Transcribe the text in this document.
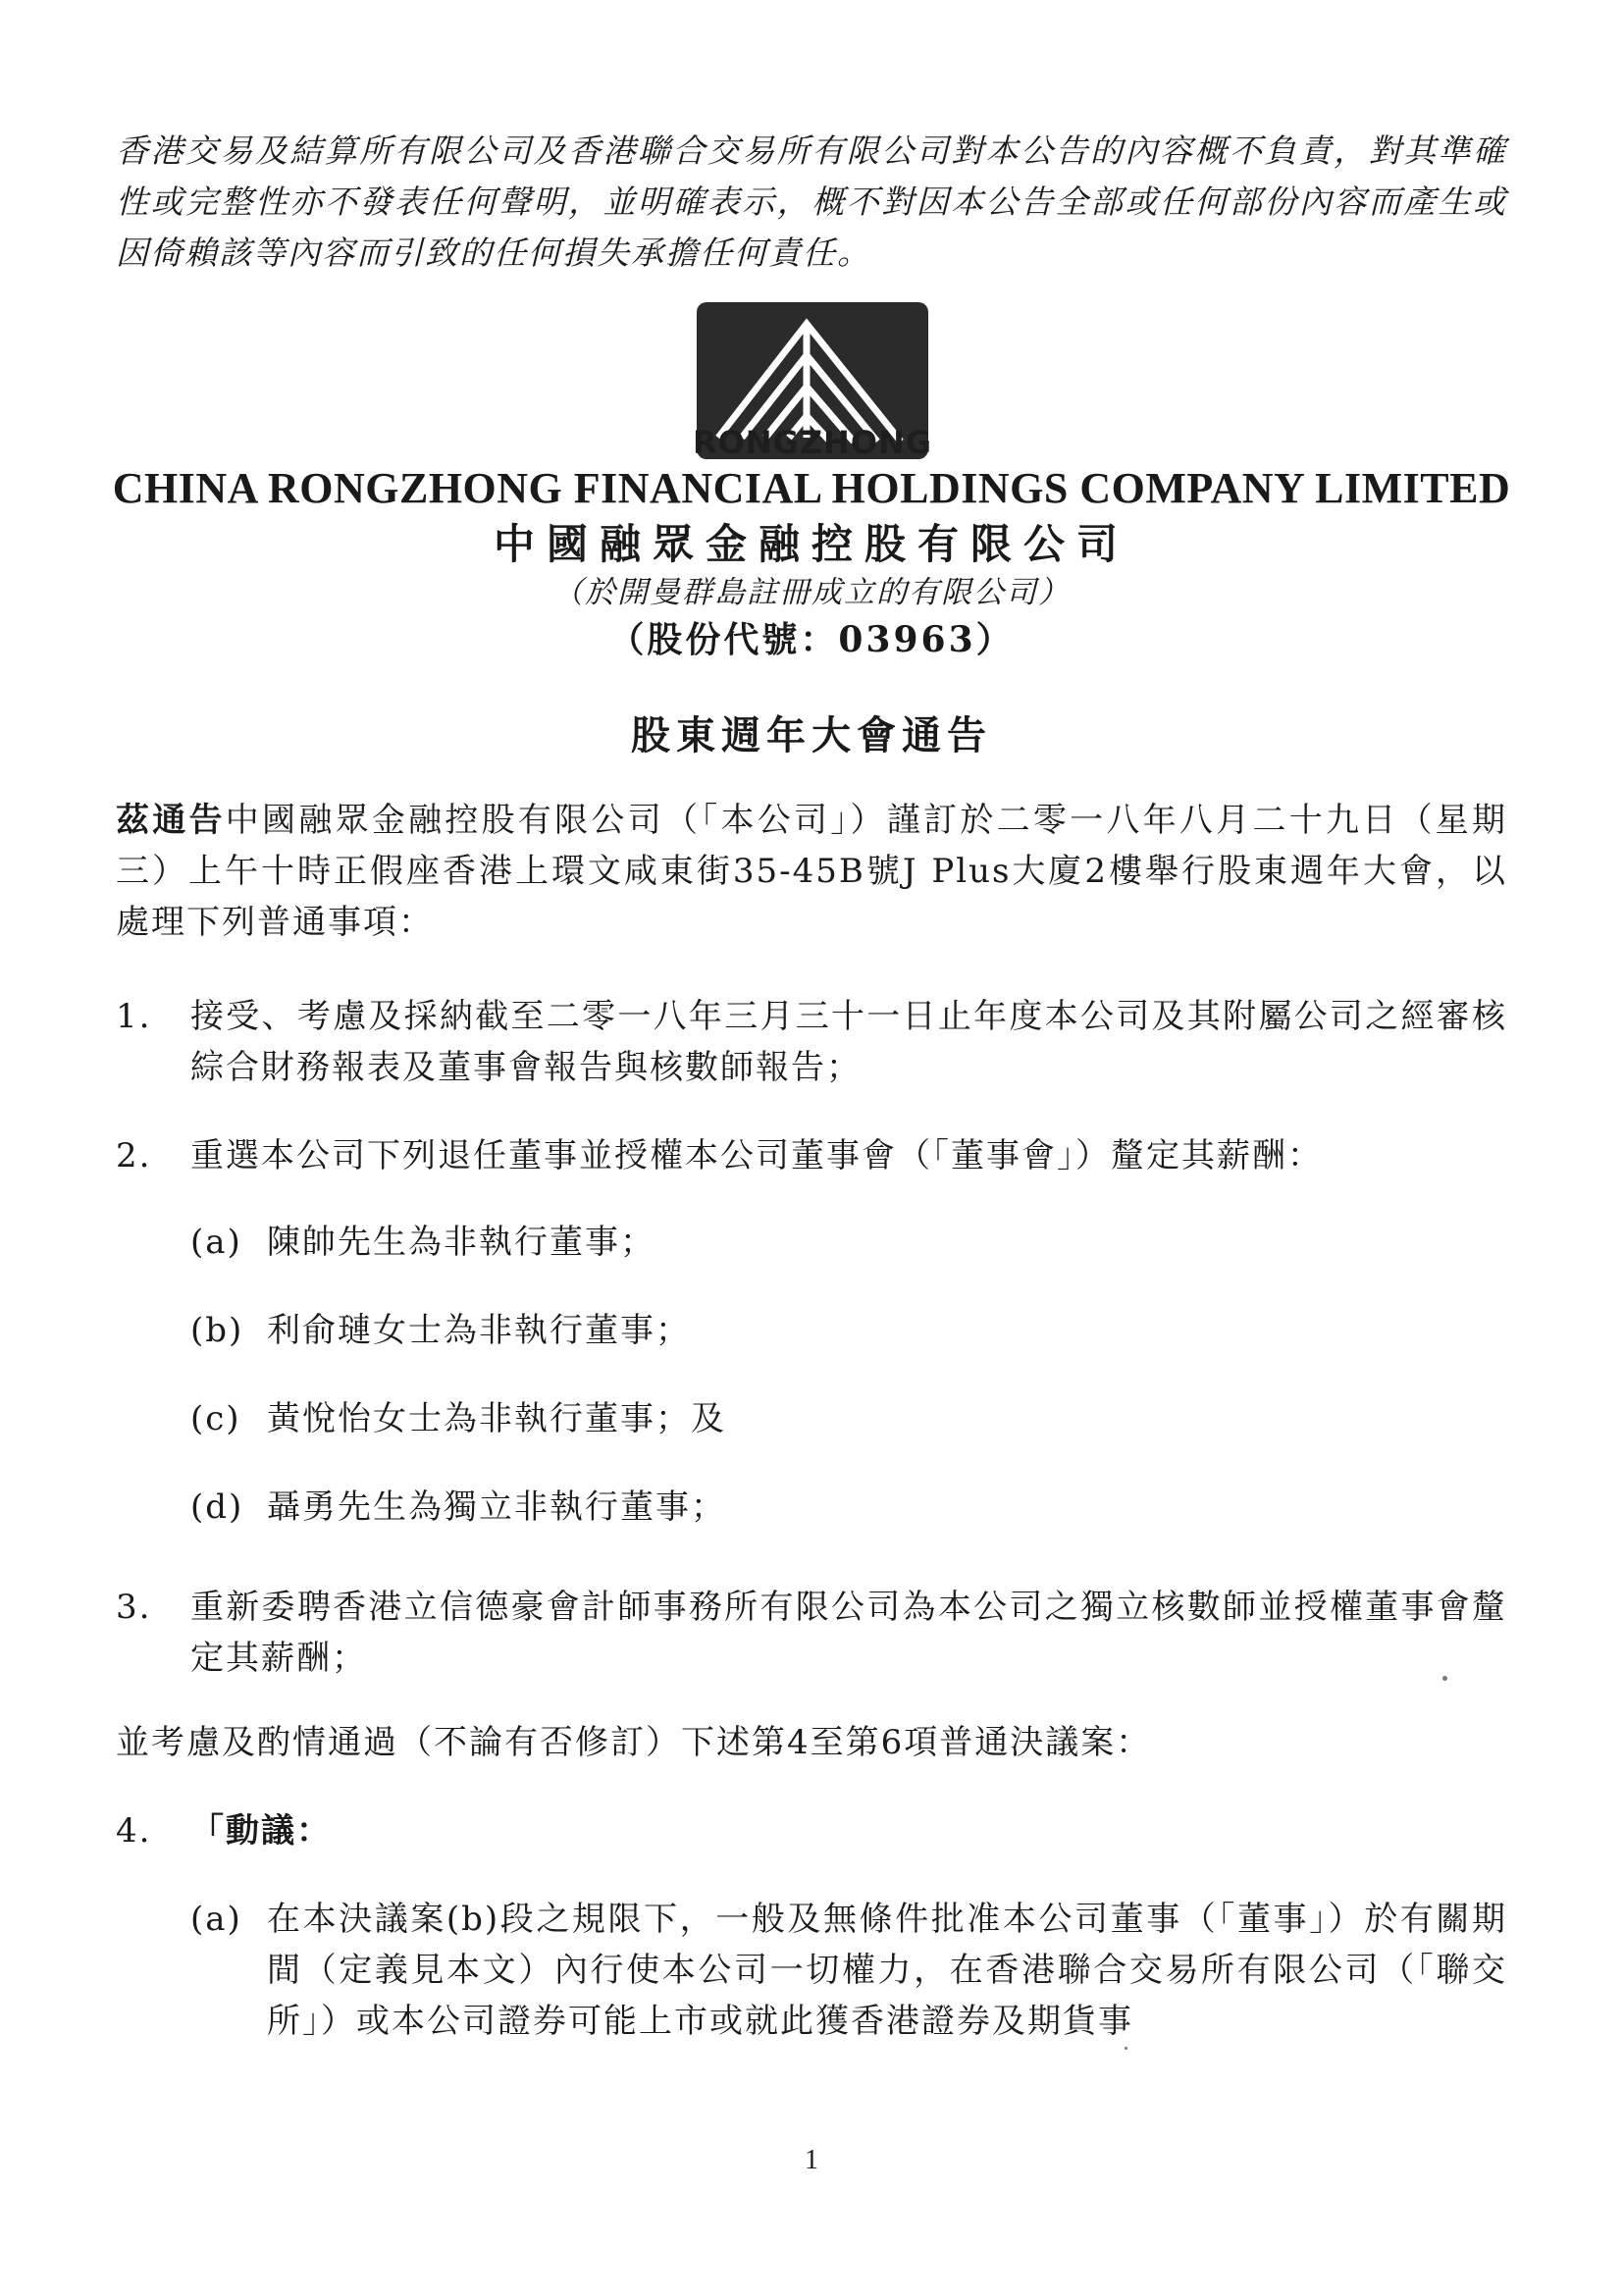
香港交易及結算所有限公司及香港聯合交易所有限公司對本公告的內容概不負責，對其準確性或完整性亦不發表任何聲明，並明確表示，概不對因本公告全部或任何部份內容而產生或因倚賴該等內容而引致的任何損失承擔任何責任。
RONGZHONG
CHINA RONGZHONG FINANCIAL HOLDINGS COMPANY LIMITED
中國融眾金融控股有限公司
（於開曼群島註冊成立的有限公司）
（股份代號：03963）
股東週年大會通告
茲通告中國融眾金融控股有限公司（「本公司」）謹訂於二零一八年八月二十九日（星期三）上午十時正假座香港上環文咸東街35-45B號J Plus大廈2樓舉行股東週年大會，以處理下列普通事項：
1. 接受、考慮及採納截至二零一八年三月三十一日止年度本公司及其附屬公司之經審核綜合財務報表及董事會報告與核數師報告；
2. 重選本公司下列退任董事並授權本公司董事會（「董事會」）釐定其薪酬：
(a) 陳帥先生為非執行董事；
(b) 利俞璉女士為非執行董事；
(c) 黃悅怡女士為非執行董事；及
(d) 聶勇先生為獨立非執行董事；
3. 重新委聘香港立信德豪會計師事務所有限公司為本公司之獨立核數師並授權董事會釐定其薪酬；
並考慮及酌情通過（不論有否修訂）下述第4至第6項普通決議案：
4. 「動議：
(a) 在本決議案(b)段之規限下，一般及無條件批准本公司董事（「董事」）於有關期間（定義見本文）內行使本公司一切權力，在香港聯合交易所有限公司（「聯交所」）或本公司證券可能上市或就此獲香港證券及期貨事
1
